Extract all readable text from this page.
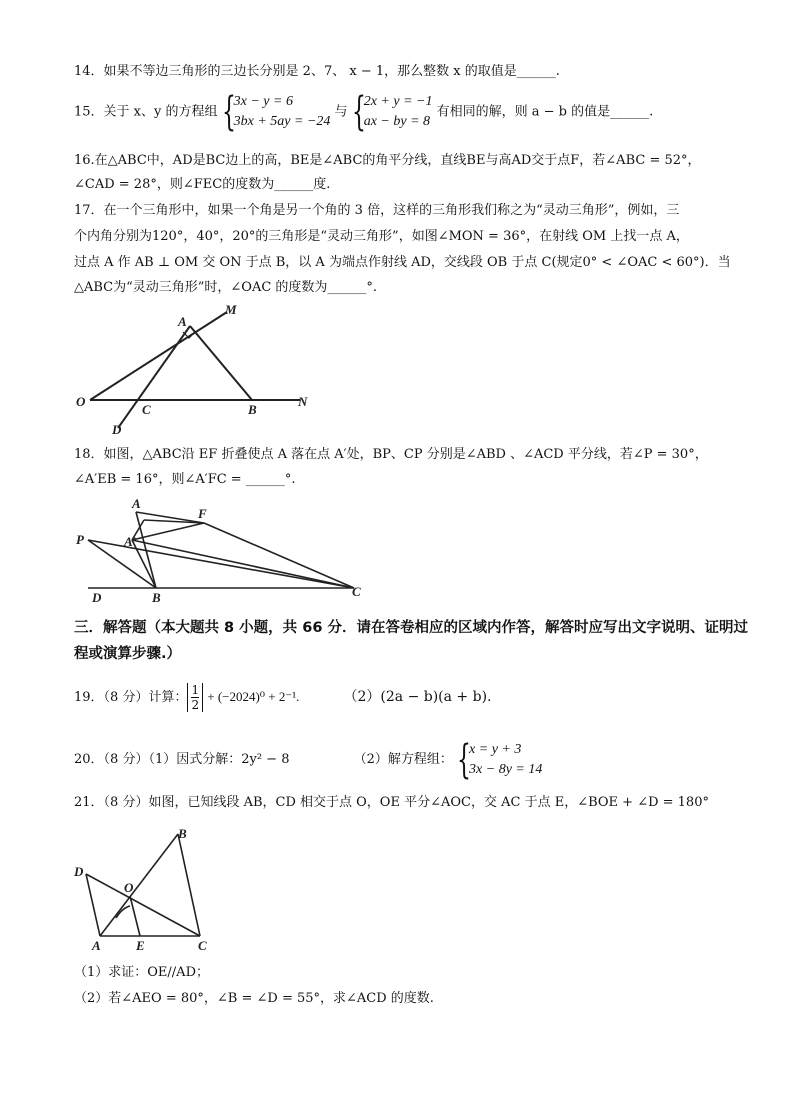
14．如果不等边三角形的三边长分别是 2、7、 x − 1，那么整数 x 的取值是______.
15．关于 x、y 的方程组
{ 3x − y = 6
3bx + 5ay = −24
与
{ 2x + y = −1
ax − by = 8
有相同的解，则 a − b 的值是______.
16.在△ABC中，AD是BC边上的高，BE是∠ABC的角平分线，直线BE与高AD交于点F，若∠ABC = 52°，
∠CAD = 28°，则∠FEC的度数为______度.
17．在一个三角形中，如果一个角是另一个角的 3 倍，这样的三角形我们称之为“灵动三角形”，例如，三
个内角分别为120°，40°，20°的三角形是“灵动三角形”，如图∠MON = 36°，在射线 OM 上找一点 A，
过点 A 作 AB ⊥ OM 交 ON 于点 B，以 A 为端点作射线 AD，交线段 OB 于点 C(规定0° < ∠OAC < 60°)．当
△ABC为“灵动三角形”时，∠OAC 的度数为______°.
A
M
O
C	B
N
D
18．如图，△ABC沿 EF 折叠使点 A 落在点 A′处，BP、CP 分别是∠ABD 、∠ACD 平分线，若∠P = 30°，
∠A′EB = 16°，则∠A′FC = ______°.
A
F
P	A′
D	B	C
三．解答题（本大题共 8 小题，共 66 分．请在答卷相应的区域内作答，解答时应写出文字说明、证明过程或演算步骤.）
19．（8 分）计算： $\frac{1}{2} + (-2024)^0 + 2^{-1}$.	（2）(2a − b)(a + b).
20．（8 分）（1）因式分解：2y² − 8	（2）解方程组：
{ x = y + 3
3x − 8y = 14
21．（8 分）如图，已知线段 AB，CD 相交于点 O，OE 平分∠AOC，交 AC 于点 E，∠BOE + ∠D = 180°
B
D
O
A	E	C
（1）求证：OE//AD；
（2）若∠AEO = 80°，∠B = ∠D = 55°，求∠ACD 的度数.
